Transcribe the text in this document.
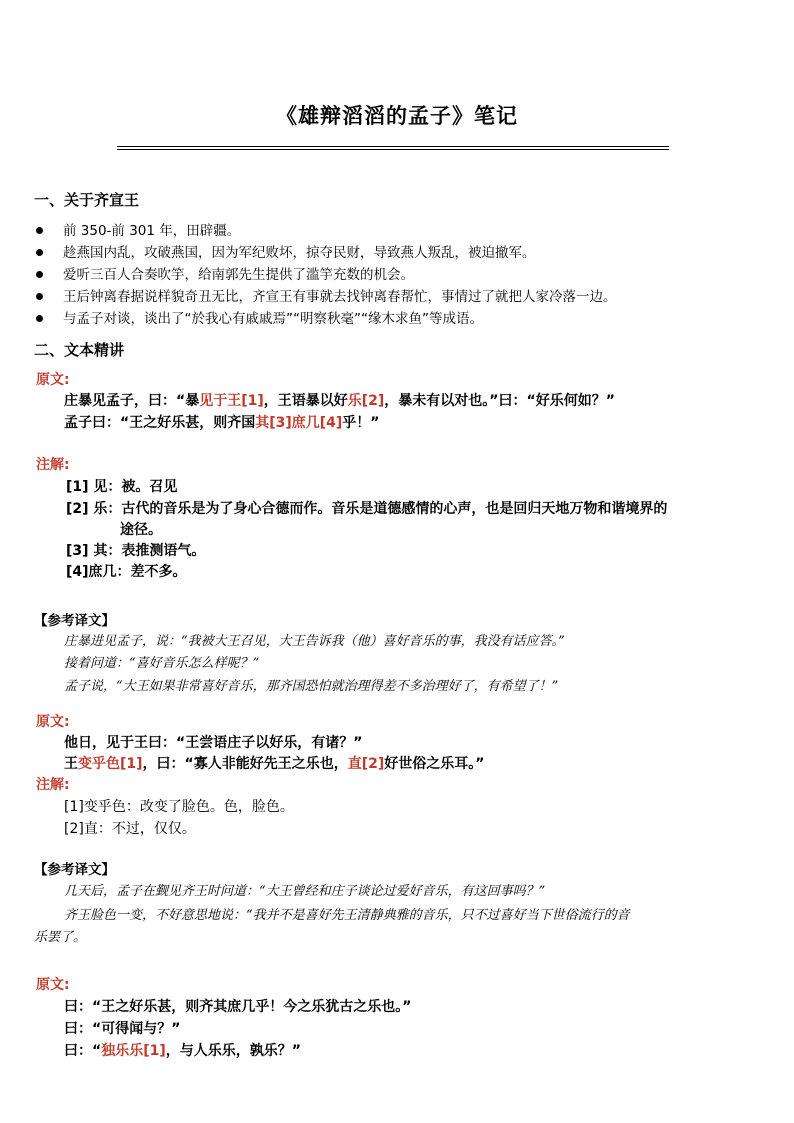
《雄辩滔滔的孟子》笔记
一、关于齐宣王
前 350-前 301 年，田辟疆。
趁燕国内乱，攻破燕国，因为军纪败坏，掠夺民财，导致燕人叛乱，被迫撤军。
爱听三百人合奏吹竽，给南郭先生提供了滥竽充数的机会。
王后钟离春据说样貌奇丑无比，齐宣王有事就去找钟离春帮忙，事情过了就把人家冷落一边。
与孟子对谈，谈出了“於我心有戚戚焉”“明察秋毫”“缘木求鱼”等成语。
二、文本精讲
原文:
庄暴见孟子，曰：“暴见于王[1]，王语暴以好乐[2]，暴未有以对也。”曰：“好乐何如？”
孟子曰：“王之好乐甚，则齐国其[3]庶几[4]乎！”
注解:
[1] 见：被。召见
[2] 乐：古代的音乐是为了身心合德而作。音乐是道德感情的心声，也是回归天地万物和谐境界的
途径。
[3] 其：表推测语气。
[4]庶几：差不多。
【参考译文】
庄暴进见孟子，说：“我被大王召见，大王告诉我（他）喜好音乐的事，我没有话应答。”
接着问道：“喜好音乐怎么样呢？”
孟子说，“大王如果非常喜好音乐，那齐国恐怕就治理得差不多治理好了，有希望了！”
原文:
他日，见于王曰：“王尝语庄子以好乐，有诸？”
王变乎色[1]，曰：“寡人非能好先王之乐也，直[2]好世俗之乐耳。”
注解:
[1]变乎色：改变了脸色。色，脸色。
[2]直：不过，仅仅。
【参考译文】
几天后，孟子在觐见齐王时问道：“大王曾经和庄子谈论过爱好音乐，有这回事吗？”
齐王脸色一变，不好意思地说：“我并不是喜好先王清静典雅的音乐，只不过喜好当下世俗流行的音
乐罢了。
原文:
曰：“王之好乐甚，则齐其庶几乎！今之乐犹古之乐也。”
曰：“可得闻与？”
曰：“独乐乐[1]，与人乐乐，孰乐？”
